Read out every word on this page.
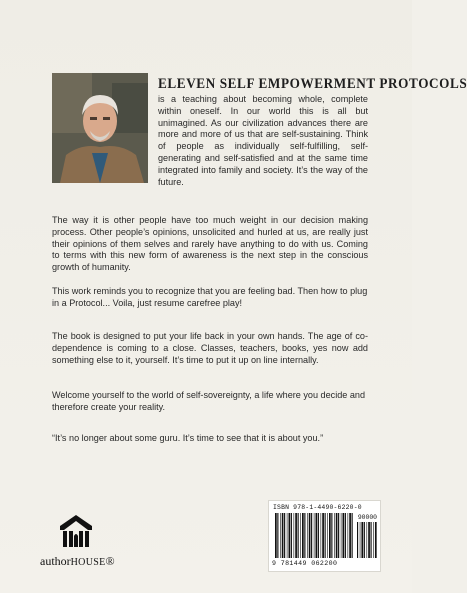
ELEVEN SELF EMPOWERMENT PROTOCOLS
is a teaching about becoming whole, complete within oneself. In our world this is all but unimagined. As our civilization advances there are more and more of us that are self-sustaining. Think of people as individually self-fulfilling, self-generating and self-satisfied and at the same time integrated into family and society. It’s the way of the future.

The way it is other people have too much weight in our decision making process. Other people’s opinions, unsolicited and hurled at us, are really just their opinions of them selves and rarely have anything to do with us. Coming to terms with this new form of awareness is the next step in the conscious growth of humanity.

This work reminds you to recognize that you are feeling bad. Then how to plug in a Protocol... Voila, just resume carefree play!

The book is designed to put your life back in your own hands. The age of co-dependence is coming to a close. Classes, teachers, books, yes now add something else to it, yourself. It’s time to put it up on line internally.

Welcome yourself to the world of self-sovereignty, a life where you decide and therefore create your reality.

“It’s no longer about some guru. It’s time to see that it is about you.”

authorHOUSE®
ISBN 978-1-4490-6220-0
90000
9 781449 062200
